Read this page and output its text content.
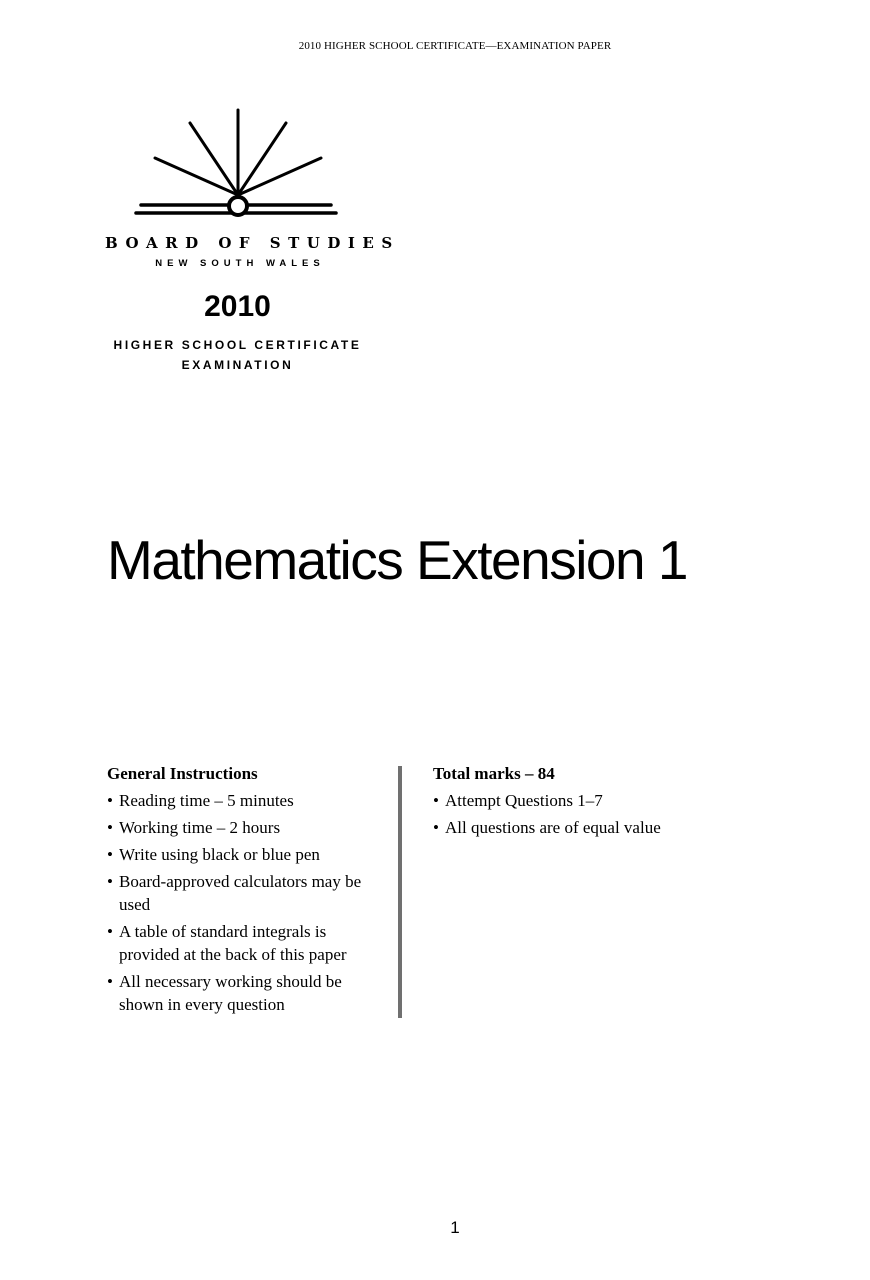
2010 HIGHER SCHOOL CERTIFICATE—EXAMINATION PAPER
BOARD OF STUDIES
NEW SOUTH WALES
2010
HIGHER SCHOOL CERTIFICATE
EXAMINATION
Mathematics Extension 1
General Instructions
• Reading time – 5 minutes
• Working time – 2 hours
• Write using black or blue pen
• Board-approved calculators may be used
• A table of standard integrals is provided at the back of this paper
• All necessary working should be shown in every question
Total marks – 84
• Attempt Questions 1–7
• All questions are of equal value
1
